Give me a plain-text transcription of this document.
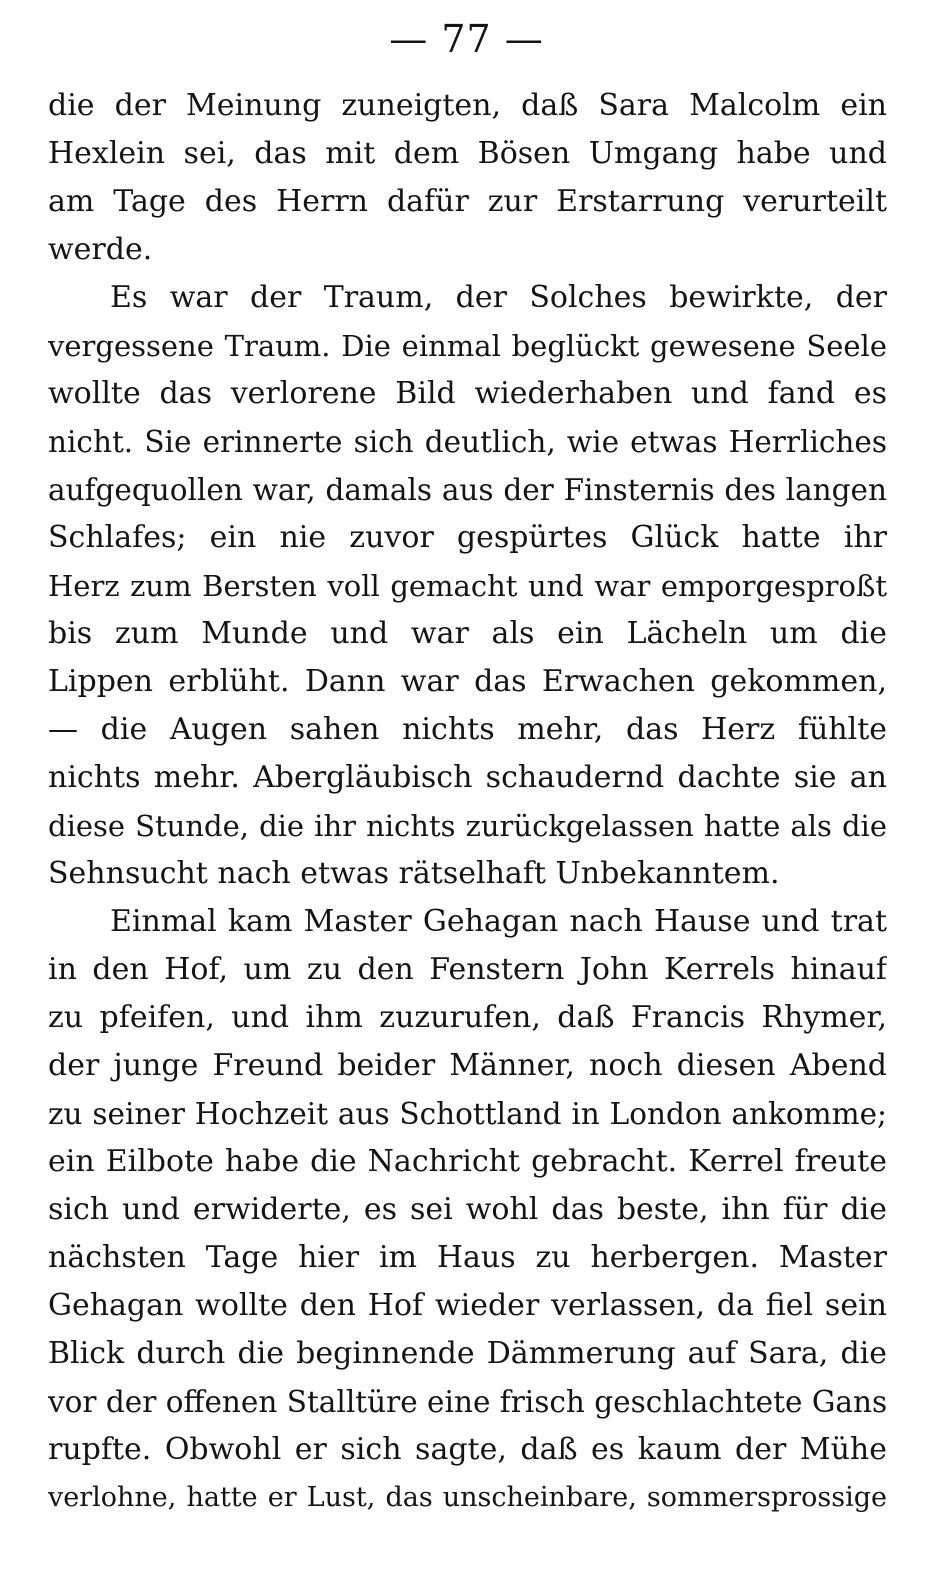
— 77 —
die der Meinung zuneigten, daß Sara Malcolm ein
Hexlein sei, das mit dem Bösen Umgang habe und
am Tage des Herrn dafür zur Erstarrung verurteilt
werde.
Es war der Traum, der Solches bewirkte, der
vergessene Traum. Die einmal beglückt gewesene Seele
wollte das verlorene Bild wiederhaben und fand es
nicht. Sie erinnerte sich deutlich, wie etwas Herrliches
aufgequollen war, damals aus der Finsternis des langen
Schlafes; ein nie zuvor gespürtes Glück hatte ihr
Herz zum Bersten voll gemacht und war emporgesproßt
bis zum Munde und war als ein Lächeln um die
Lippen erblüht. Dann war das Erwachen gekommen,
— die Augen sahen nichts mehr, das Herz fühlte
nichts mehr. Abergläubisch schaudernd dachte sie an
diese Stunde, die ihr nichts zurückgelassen hatte als die
Sehnsucht nach etwas rätselhaft Unbekanntem.
Einmal kam Master Gehagan nach Hause und trat
in den Hof, um zu den Fenstern John Kerrels hinauf
zu pfeifen, und ihm zuzurufen, daß Francis Rhymer,
der junge Freund beider Männer, noch diesen Abend
zu seiner Hochzeit aus Schottland in London ankomme;
ein Eilbote habe die Nachricht gebracht. Kerrel freute
sich und erwiderte, es sei wohl das beste, ihn für die
nächsten Tage hier im Haus zu herbergen. Master
Gehagan wollte den Hof wieder verlassen, da fiel sein
Blick durch die beginnende Dämmerung auf Sara, die
vor der offenen Stalltüre eine frisch geschlachtete Gans
rupfte. Obwohl er sich sagte, daß es kaum der Mühe
verlohne, hatte er Lust, das unscheinbare, sommersprossige
